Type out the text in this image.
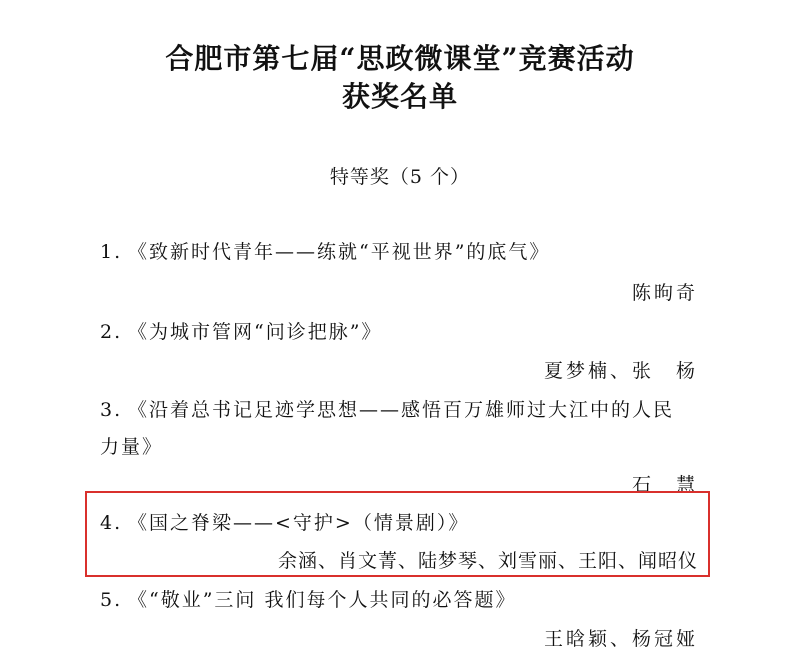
合肥市第七届“思政微课堂”竞赛活动
获奖名单
特等奖（5 个）
1. 《致新时代青年——练就“平视世界”的底气》
陈昫奇
2. 《为城市管网“问诊把脉”》
夏梦楠、张　杨
3. 《沿着总书记足迹学思想——感悟百万雄师过大江中的人民
力量》
石　慧
4. 《国之脊梁——<守护>（情景剧）》
余涵、肖文菁、陆梦琴、刘雪丽、王阳、闻昭仪
5. 《“敬业”三问 我们每个人共同的必答题》
王晗颖、杨冠娅
